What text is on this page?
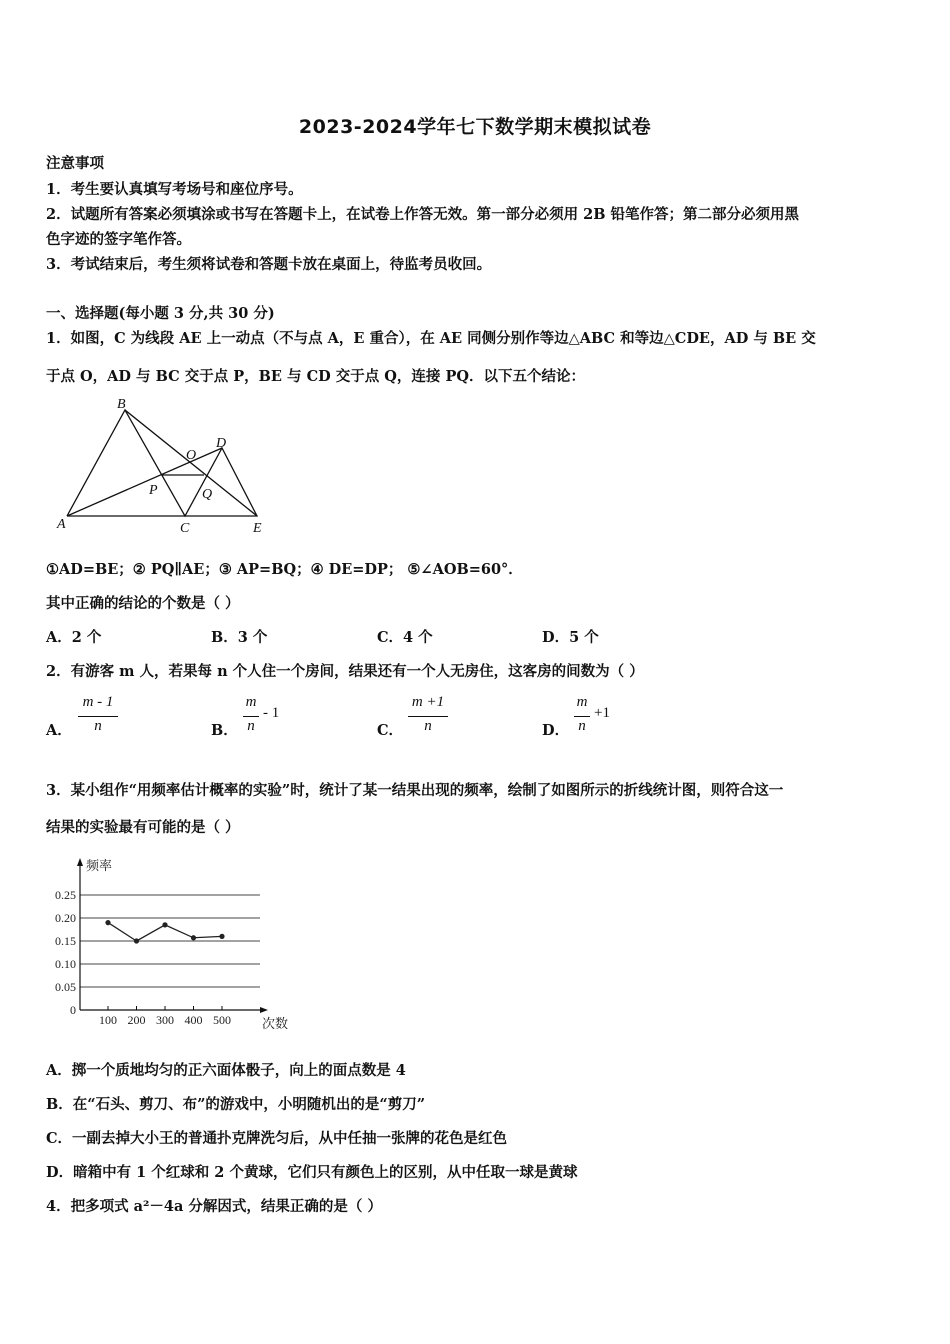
2023-2024学年七下数学期末模拟试卷
注意事项
1．考生要认真填写考场号和座位序号。
2．试题所有答案必须填涂或书写在答题卡上，在试卷上作答无效。第一部分必须用 2B 铅笔作答；第二部分必须用黑
色字迹的签字笔作答。
3．考试结束后，考生须将试卷和答题卡放在桌面上，待监考员收回。
一、选择题(每小题 3 分,共 30 分)
1．如图，C 为线段 AE 上一动点（不与点 A，E 重合），在 AE 同侧分别作等边△ABC 和等边△CDE，AD 与 BE 交
于点 O，AD 与 BC 交于点 P，BE 与 CD 交于点 Q，连接 PQ．以下五个结论：
A
B
C
D
E
O
P	Q
①AD=BE；② PQ∥AE；③ AP=BQ；④ DE=DP； ⑤∠AOB=60°．
其中正确的结论的个数是（ ）
A．2 个	B．3 个	C．4 个	D．5 个
2．有游客 m 人，若果每 n 个人住一个房间，结果还有一个人无房住，这客房的间数为（ ）
A．
m - 1
n	B．
m
n
- 1
C．
m +1
n	D．
m
n
+1
3．某小组作“用频率估计概率的实验”时，统计了某一结果出现的频率，绘制了如图所示的折线统计图，则符合这一
结果的实验最有可能的是（ ）
0
0.05
0.10
0.15
0.20
0.25
频率
次数
100 200 300 400 500
A．掷一个质地均匀的正六面体骰子，向上的面点数是 4
B．在“石头、剪刀、布”的游戏中，小明随机出的是“剪刀”
C．一副去掉大小王的普通扑克牌洗匀后，从中任抽一张牌的花色是红色
D．暗箱中有 1 个红球和 2 个黄球，它们只有颜色上的区别，从中任取一球是黄球
4．把多项式 a²－4a 分解因式，结果正确的是（ ）
